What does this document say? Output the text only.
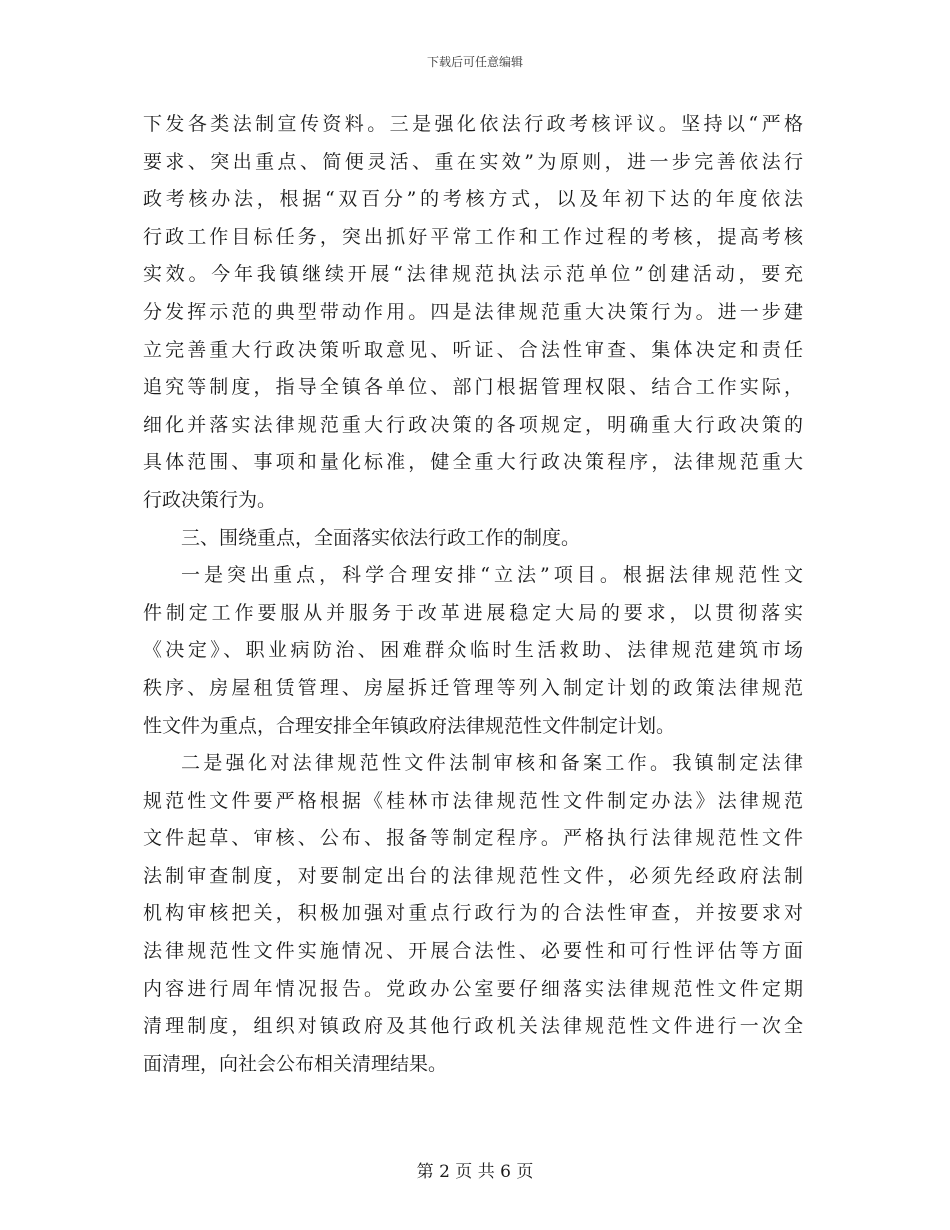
下载后可任意编辑
下发各类法制宣传资料。三是强化依法行政考核评议。坚持以“严格
要求、突出重点、简便灵活、重在实效”为原则，进一步完善依法行
政考核办法，根据“双百分”的考核方式，以及年初下达的年度依法
行政工作目标任务，突出抓好平常工作和工作过程的考核，提高考核
实效。今年我镇继续开展“法律规范执法示范单位”创建活动，要充
分发挥示范的典型带动作用。四是法律规范重大决策行为。进一步建
立完善重大行政决策听取意见、听证、合法性审查、集体决定和责任
追究等制度，指导全镇各单位、部门根据管理权限、结合工作实际，
细化并落实法律规范重大行政决策的各项规定，明确重大行政决策的
具体范围、事项和量化标准，健全重大行政决策程序，法律规范重大
行政决策行为。
三、围绕重点，全面落实依法行政工作的制度。
一是突出重点，科学合理安排“立法”项目。根据法律规范性文
件制定工作要服从并服务于改革进展稳定大局的要求，以贯彻落实
《决定》、职业病防治、困难群众临时生活救助、法律规范建筑市场
秩序、房屋租赁管理、房屋拆迁管理等列入制定计划的政策法律规范
性文件为重点，合理安排全年镇政府法律规范性文件制定计划。
二是强化对法律规范性文件法制审核和备案工作。我镇制定法律
规范性文件要严格根据《桂林市法律规范性文件制定办法》法律规范
文件起草、审核、公布、报备等制定程序。严格执行法律规范性文件
法制审查制度，对要制定出台的法律规范性文件，必须先经政府法制
机构审核把关，积极加强对重点行政行为的合法性审查，并按要求对
法律规范性文件实施情况、开展合法性、必要性和可行性评估等方面
内容进行周年情况报告。党政办公室要仔细落实法律规范性文件定期
清理制度，组织对镇政府及其他行政机关法律规范性文件进行一次全
面清理，向社会公布相关清理结果。
第 2 页 共 6 页
